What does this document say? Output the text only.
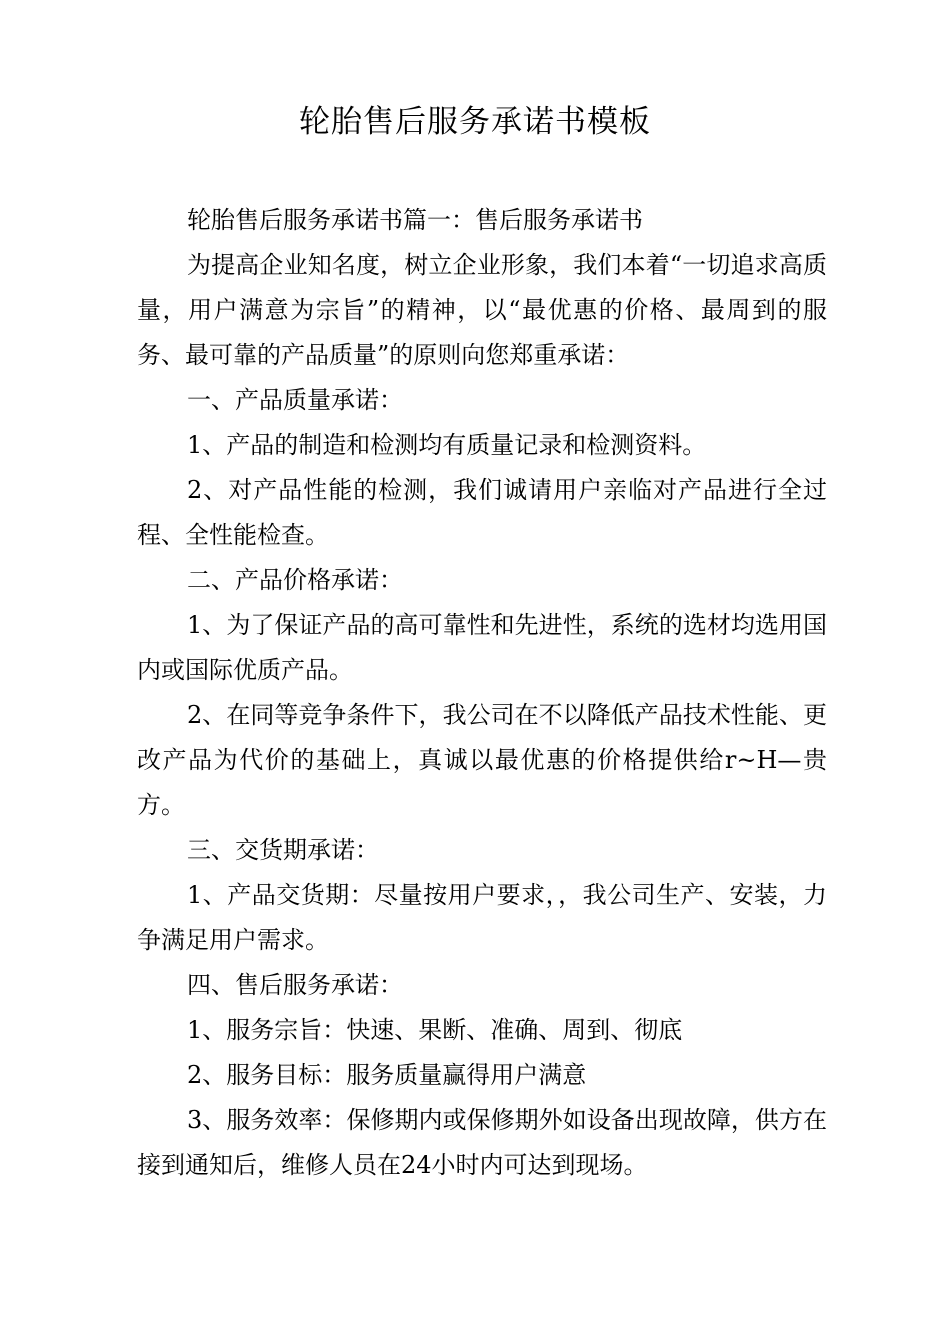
轮胎售后服务承诺书模板

轮胎售后服务承诺书篇一：售后服务承诺书

为提高企业知名度，树立企业形象，我们本着“一切追求高质量，用户满意为宗旨”的精神，以“最优惠的价格、最周到的服务、最可靠的产品质量”的原则向您郑重承诺：

一、产品质量承诺：

1、产品的制造和检测均有质量记录和检测资料。

2、对产品性能的检测，我们诚请用户亲临对产品进行全过程、全性能检查。

二、产品价格承诺：

1、为了保证产品的高可靠性和先进性，系统的选材均选用国内或国际优质产品。

2、在同等竞争条件下，我公司在不以降低产品技术性能、更改产品为代价的基础上，真诚以最优惠的价格提供给r~H—贵方。

三、交货期承诺：

1、产品交货期：尽量按用户要求，，我公司生产、安装，力争满足用户需求。

四、售后服务承诺：

1、服务宗旨：快速、果断、准确、周到、彻底

2、服务目标：服务质量赢得用户满意

3、服务效率：保修期内或保修期外如设备出现故障，供方在接到通知后，维修人员在24小时内可达到现场。
